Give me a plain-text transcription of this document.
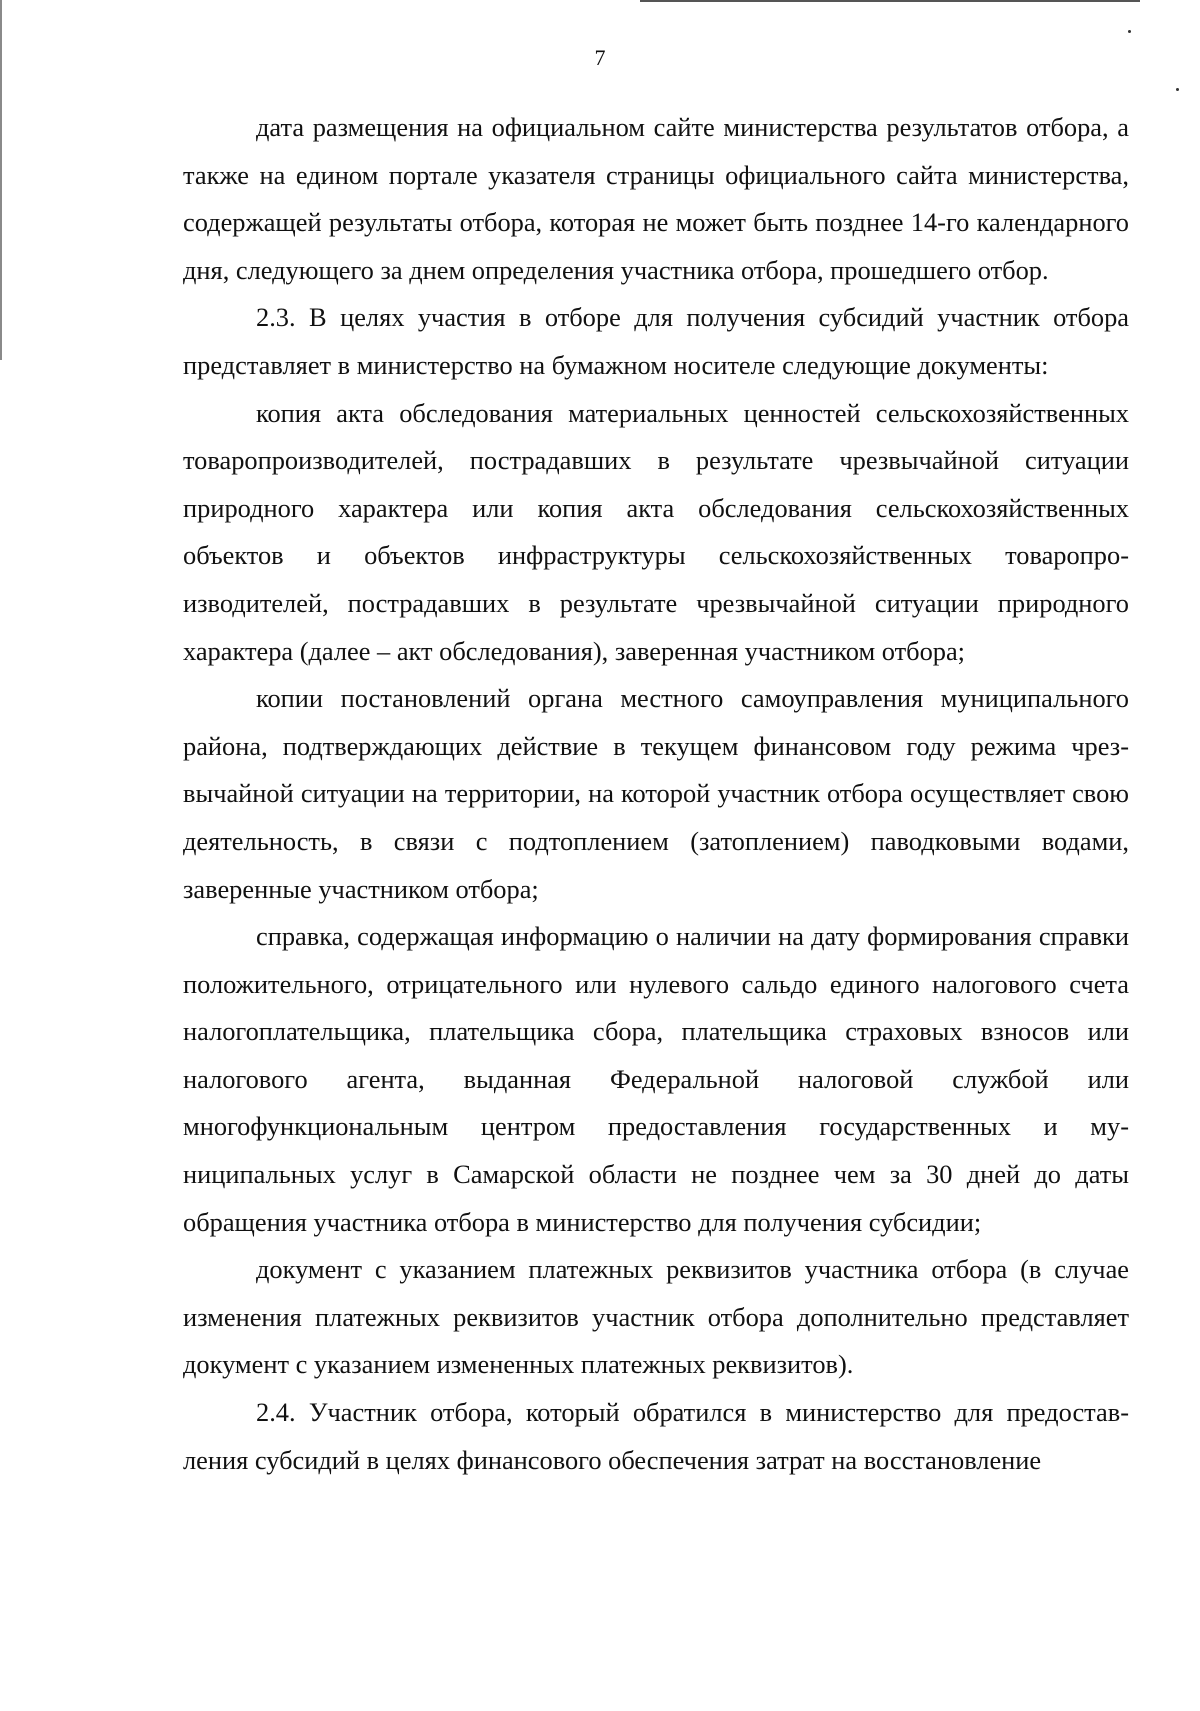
7

дата размещения на официальном сайте министерства результатов отбора, а также на едином портале указателя страницы официального сайта министерства, содержащей результаты отбора, которая не может быть позднее 14-го календарного дня, следующего за днем определения участника отбора, прошедшего отбор.

2.3. В целях участия в отборе для получения субсидий участник отбора представляет в министерство на бумажном носителе следующие документы:

копия акта обследования материальных ценностей сельскохозяйственных товаропроизводителей, пострадавших в результате чрезвычайной ситуации природного характера или копия акта обследования сельскохозяйственных объектов и объектов инфраструктуры сельскохозяйственных товаропроизводителей, пострадавших в результате чрезвычайной ситуации природного характера (далее – акт обследования), заверенная участником отбора;

копии постановлений органа местного самоуправления муниципального района, подтверждающих действие в текущем финансовом году режима чрезвычайной ситуации на территории, на которой участник отбора осуществляет свою деятельность, в связи с подтоплением (затоплением) паводковыми водами, заверенные участником отбора;

справка, содержащая информацию о наличии на дату формирования справки положительного, отрицательного или нулевого сальдо единого налогового счета налогоплательщика, плательщика сбора, плательщика страховых взносов или налогового агента, выданная Федеральной налоговой службой или многофункциональным центром предоставления государственных и муниципальных услуг в Самарской области не позднее чем за 30 дней до даты обращения участника отбора в министерство для получения субсидии;

документ с указанием платежных реквизитов участника отбора (в случае изменения платежных реквизитов участник отбора дополнительно представляет документ с указанием измененных платежных реквизитов).

2.4. Участник отбора, который обратился в министерство для предоставления субсидий в целях финансового обеспечения затрат на восстановление
